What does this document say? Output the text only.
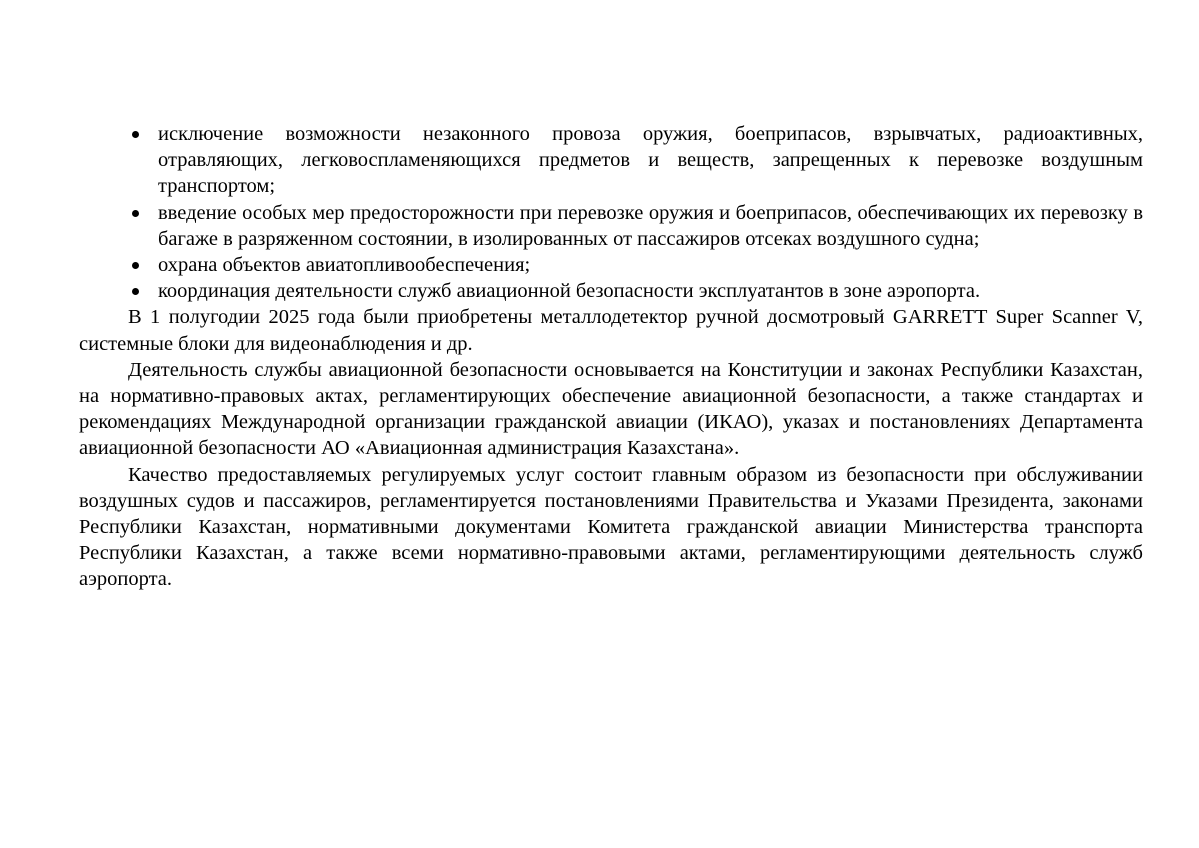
исключение возможности незаконного провоза оружия, боеприпасов, взрывчатых, радиоактивных, отравляющих, легковоспламеняющихся предметов и веществ, запрещенных к перевозке воздушным транспортом;
введение особых мер предосторожности при перевозке оружия и боеприпасов, обеспечивающих их перевозку в багаже в разряженном состоянии, в изолированных от пассажиров отсеках воздушного судна;
охрана объектов авиатопливообеспечения;
координация деятельности служб авиационной безопасности эксплуатантов в зоне аэропорта.

В 1 полугодии 2025 года были приобретены металлодетектор ручной досмотровый GARRETT Super Scanner V, системные блоки для видеонаблюдения и др.

Деятельность службы авиационной безопасности основывается на Конституции и законах Республики Казахстан, на нормативно-правовых актах, регламентирующих обеспечение авиационной безопасности, а также стандартах и рекомендациях Международной организации гражданской авиации (ИКАО), указах и постановлениях Департамента авиационной безопасности АО «Авиационная администрация Казахстана».

Качество предоставляемых регулируемых услуг состоит главным образом из безопасности при обслуживании воздушных судов и пассажиров, регламентируется постановлениями Правительства и Указами Президента, законами Республики Казахстан, нормативными документами Комитета гражданской авиации Министерства транспорта Республики Казахстан, а также всеми нормативно-правовыми актами, регламентирующими деятельность служб аэропорта.
